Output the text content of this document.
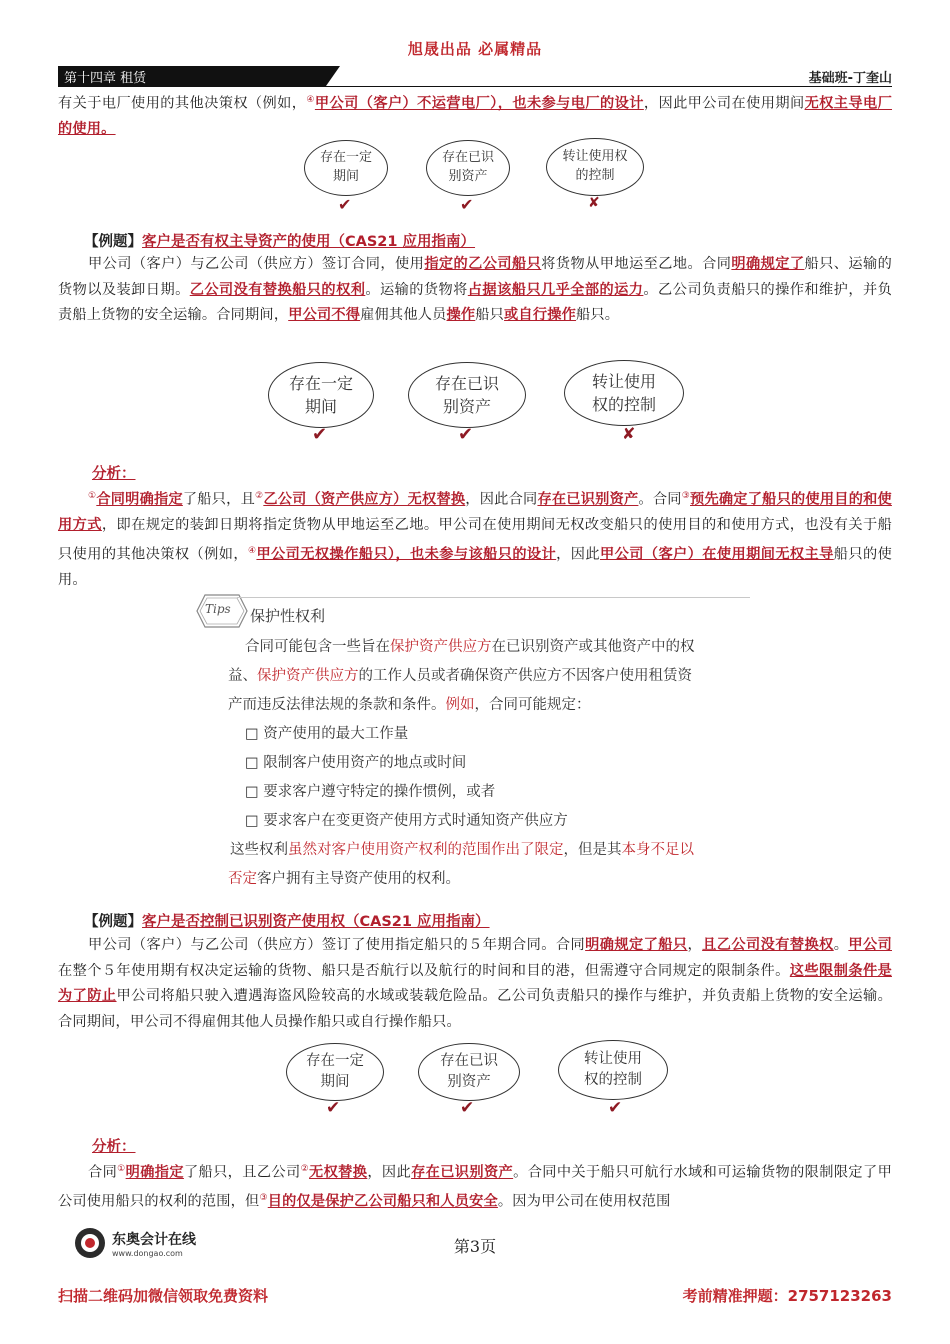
旭晟出品 必属精品
第十四章 租赁	基础班-丁奎山

有关于电厂使用的其他决策权（例如，④甲公司（客户）不运营电厂），也未参与电厂的设计，因此甲公司在使用期间无权主导电厂的使用。

存在一定期间
存在已识别资产
转让使用权的控制
✔	✔	✘
【例题】客户是否有权主导资产的使用（CAS21 应用指南）

甲公司（客户）与乙公司（供应方）签订合同，使用指定的乙公司船只将货物从甲地运至乙地。合同明确规定了船只、运输的货物以及装卸日期。乙公司没有替换船只的权利。运输的货物将占据该船只几乎全部的运力。乙公司负责船只的操作和维护，并负责船上货物的安全运输。合同期间，甲公司不得雇佣其他人员操作船只或自行操作船只。

存在一定期间
存在已识别资产
转让使用权的控制
✔	✔	✘
分析：

①合同明确指定了船只，且②乙公司（资产供应方）无权替换，因此合同存在已识别资产。合同③预先确定了船只的使用目的和使用方式，即在规定的装卸日期将指定货物从甲地运至乙地。甲公司在使用期间无权改变船只的使用目的和使用方式，也没有关于船只使用的其他决策权（例如，④甲公司无权操作船只），也未参与该船只的设计，因此甲公司（客户）在使用期间无权主导船只的使用。

Tips 保护性权利
合同可能包含一些旨在保护资产供应方在已识别资产或其他资产中的权
益、保护资产供应方的工作人员或者确保资产供应方不因客户使用租赁资
产而违反法律法规的条款和条件。例如，合同可能规定：
□ 资产使用的最大工作量
□ 限制客户使用资产的地点或时间
□ 要求客户遵守特定的操作惯例，或者
□ 要求客户在变更资产使用方式时通知资产供应方
这些权利虽然对客户使用资产权利的范围作出了限定，但是其本身不足以
否定客户拥有主导资产使用的权利。
【例题】客户是否控制已识别资产使用权（CAS21 应用指南）

甲公司（客户）与乙公司（供应方）签订了使用指定船只的５年期合同。合同明确规定了船只，且乙公司没有替换权。甲公司在整个５年使用期有权决定运输的货物、船只是否航行以及航行的时间和目的港，但需遵守合同规定的限制条件。这些限制条件是为了防止甲公司将船只驶入遭遇海盗风险较高的水域或装载危险品。乙公司负责船只的操作与维护，并负责船上货物的安全运输。合同期间，甲公司不得雇佣其他人员操作船只或自行操作船只。

存在一定期间
存在已识别资产
转让使用权的控制
✔	✔	✔
分析：

合同①明确指定了船只，且乙公司②无权替换，因此存在已识别资产。合同中关于船只可航行水域和可运输货物的限制限定了甲公司使用船只的权利的范围，但③目的仅是保护乙公司船只和人员安全。因为甲公司在使用权范围

东奥会计在线
www.dongao.com	第3页
扫描二维码加微信领取免费资料	考前精准押题：2757123263
